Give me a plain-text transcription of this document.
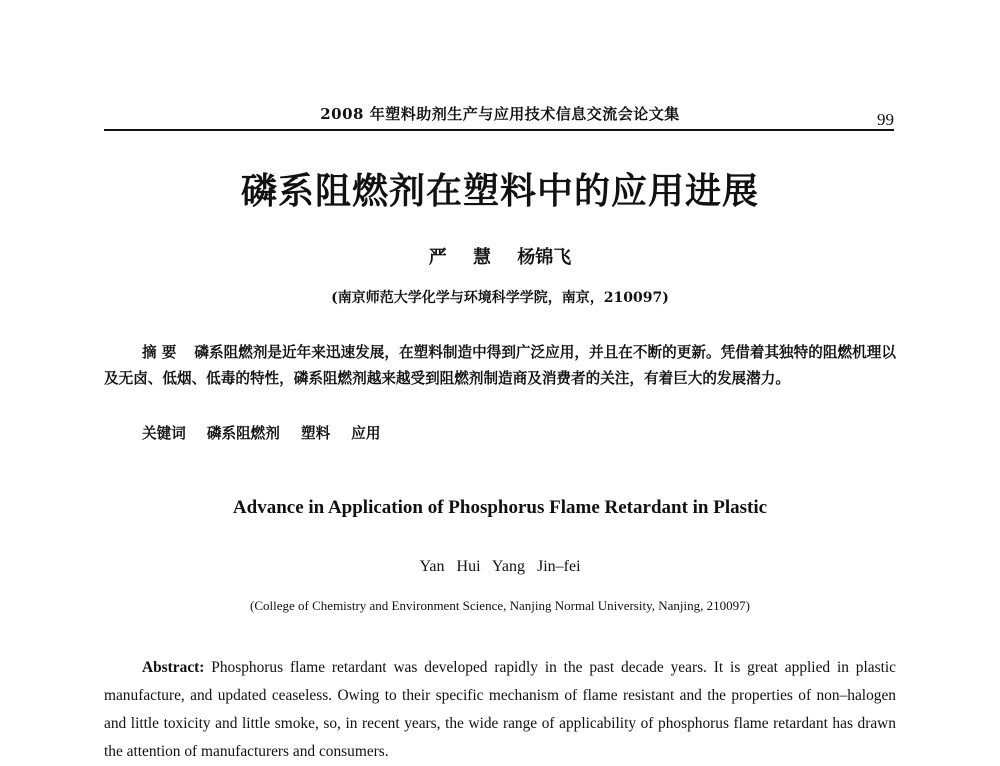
2008 年塑料助剂生产与应用技术信息交流会论文集	99
磷系阻燃剂在塑料中的应用进展
严 慧 杨锦飞
(南京师范大学化学与环境科学学院，南京，210097)

摘 要 磷系阻燃剂是近年来迅速发展，在塑料制造中得到广泛应用，并且在不断的更新。凭借着其独特的阻燃机理以及无卤、低烟、低毒的特性，磷系阻燃剂越来越受到阻燃剂制造商及消费者的关注，有着巨大的发展潜力。

关键词 磷系阻燃剂 塑料 应用

Advance in Application of Phosphorus Flame Retardant in Plastic
Yan Hui Yang Jin–fei
(College of Chemistry and Environment Science, Nanjing Normal University, Nanjing, 210097)

Abstract: Phosphorus flame retardant was developed rapidly in the past decade years. It is great applied in plastic manufacture, and updated ceaseless. Owing to their specific mechanism of flame resistant and the properties of non–halogen and little toxicity and little smoke, so, in recent years, the wide range of applicability of phosphorus flame retardant has drawn the attention of manufacturers and consumers.
